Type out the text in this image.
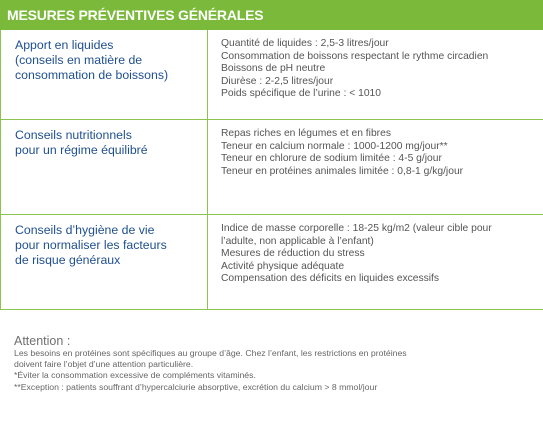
MESURES PRÉVENTIVES GÉNÉRALES
Apport en liquides
(conseils en matière de
consommation de boissons)
Quantité de liquides : 2,5-3 litres/jour
Consommation de boissons respectant le rythme circadien
Boissons de pH neutre
Diurèse : 2-2,5 litres/jour
Poids spécifique de l’urine : < 1010
Conseils nutritionnels
pour un régime équilibré
Repas riches en légumes et en fibres
Teneur en calcium normale : 1000-1200 mg/jour**
Teneur en chlorure de sodium limitée : 4-5 g/jour
Teneur en protéines animales limitée : 0,8-1 g/kg/jour
Conseils d’hygiène de vie
pour normaliser les facteurs
de risque généraux
Indice de masse corporelle : 18-25 kg/m2 (valeur cible pour
l’adulte, non applicable à l’enfant)
Mesures de réduction du stress
Activité physique adéquate
Compensation des déficits en liquides excessifs
Attention :
Les besoins en protéines sont spécifiques au groupe d’âge. Chez l’enfant, les restrictions en protéines
doivent faire l’objet d’une attention particulière.
*Éviter la consommation excessive de compléments vitaminés.
**Exception : patients souffrant d’hypercalciurie absorptive, excrétion du calcium > 8 mmol/jour
